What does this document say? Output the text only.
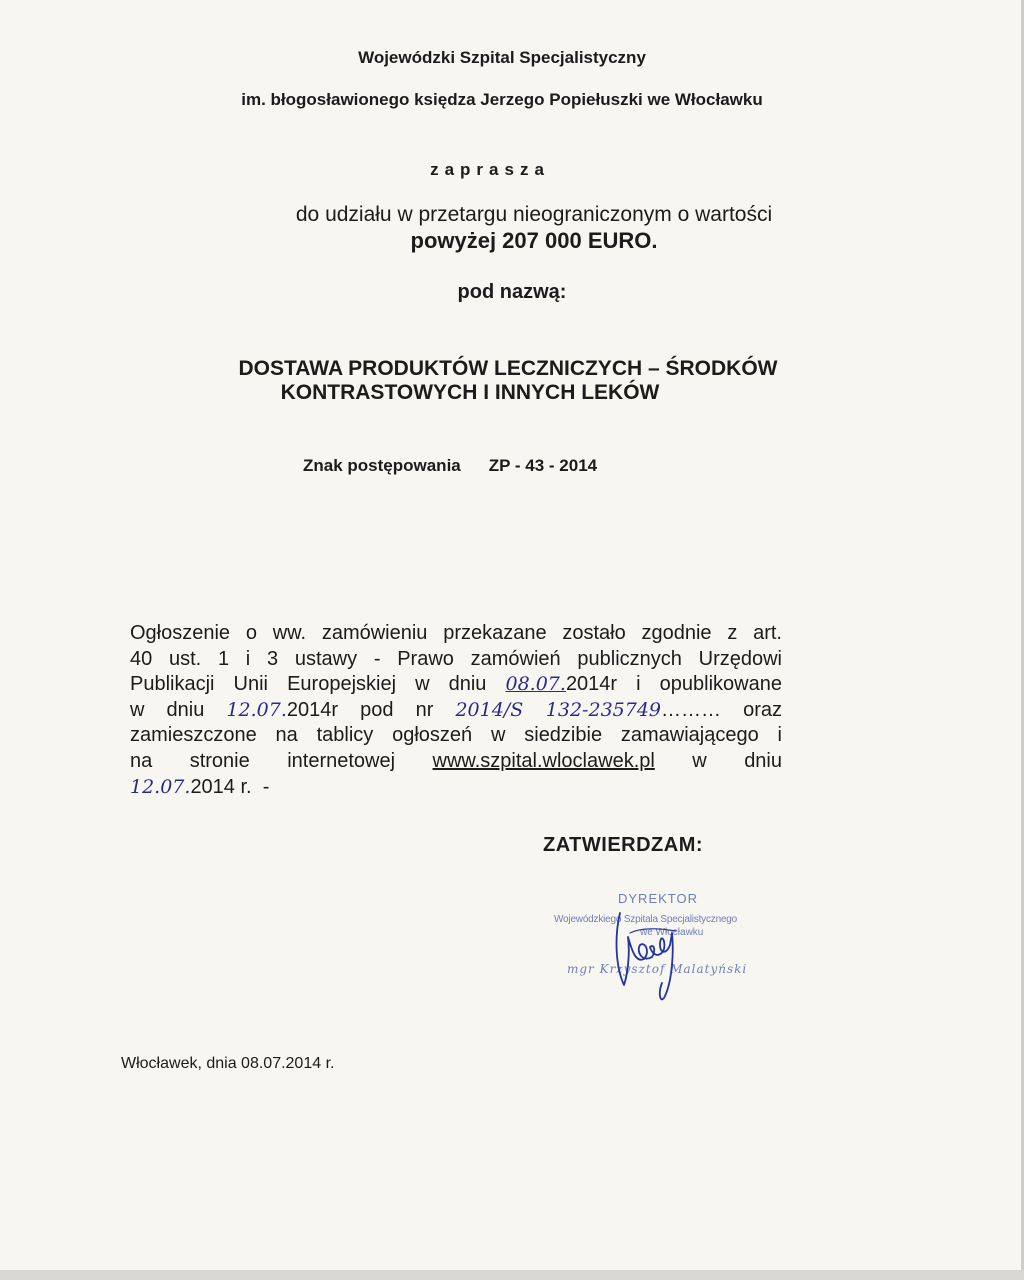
Wojewódzki Szpital Specjalistyczny
im. błogosławionego księdza Jerzego Popiełuszki we Włocławku
zaprasza
do udziału w przetargu nieograniczonym o wartości
powyżej 207 000 EURO.
pod nazwą:
DOSTAWA PRODUKTÓW LECZNICZYCH – ŚRODKÓW
KONTRASTOWYCH I INNYCH LEKÓW
Znak postępowania ZP - 43 - 2014
Ogłoszenie o ww. zamówieniu przekazane zostało zgodnie z art.
40 ust. 1 i 3 ustawy - Prawo zamówień publicznych Urzędowi
Publikacji Unii Europejskiej w dniu 08.07.2014r i opublikowane
w dniu 12.07.2014r pod nr 2014/S 132-235749……… oraz
zamieszczone na tablicy ogłoszeń w siedzibie zamawiającego i
na stronie internetowej www.szpital.wloclawek.pl w dniu
12.07.2014 r. -
ZATWIERDZAM:
DYREKTOR
Wojewódzkiego Szpitala Specjalistycznego
we Włocławku
mgr Krzysztof Malatyński
Włocławek, dnia 08.07.2014 r.
